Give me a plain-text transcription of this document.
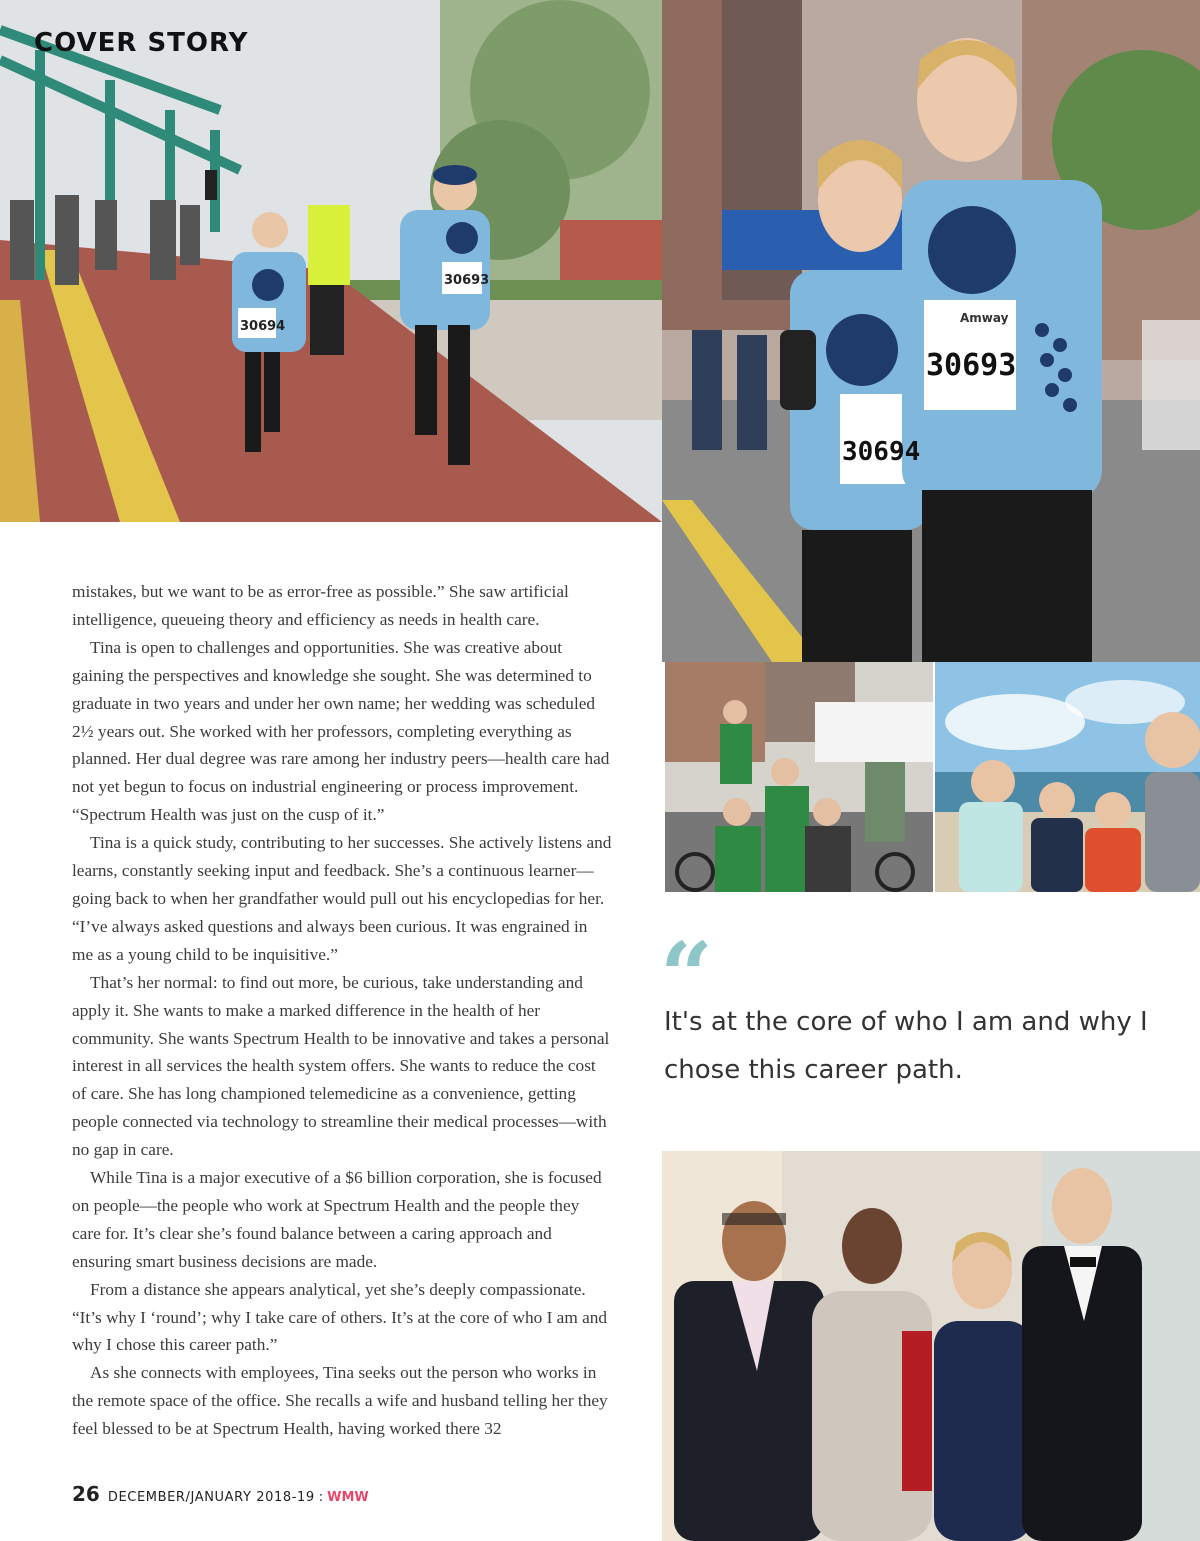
30694
30693
COVER STORY
Amway
30693
30694

mistakes, but we want to be as error-free as possible.” She saw artificial intelligence, queueing theory and efficiency as needs in health care.

Tina is open to challenges and opportunities. She was creative about gaining the perspectives and knowledge she sought. She was determined to graduate in two years and under her own name; her wedding was scheduled 2½ years out. She worked with her professors, completing everything as planned. Her dual degree was rare among her industry peers—health care had not yet begun to focus on industrial engineering or process improvement. “Spectrum Health was just on the cusp of it.”

Tina is a quick study, contributing to her successes. She actively listens and learns, constantly seeking input and feedback. She’s a continuous learner—going back to when her grandfather would pull out his encyclopedias for her. “I’ve always asked questions and always been curious. It was engrained in me as a young child to be inquisitive.”

That’s her normal: to find out more, be curious, take understanding and apply it. She wants to make a marked difference in the health of her community. She wants Spectrum Health to be innovative and takes a personal interest in all services the health system offers. She wants to reduce the cost of care. She has long championed telemedicine as a convenience, getting people connected via technology to streamline their medical processes—with no gap in care.

While Tina is a major executive of a $6 billion corporation, she is focused on people—the people who work at Spectrum Health and the people they care for. It’s clear she’s found balance between a caring approach and ensuring smart business decisions are made.

From a distance she appears analytical, yet she’s deeply compassionate. “It’s why I ‘round’; why I take care of others. It’s at the core of who I am and why I chose this career path.”

As she connects with employees, Tina seeks out the person who works in the remote space of the office. She recalls a wife and husband telling her they feel blessed to be at Spectrum Health, having worked there 32

“

It's at the core of who I am and why I chose this career path.

26 DECEMBER/JANUARY 2018-19 : WMW
